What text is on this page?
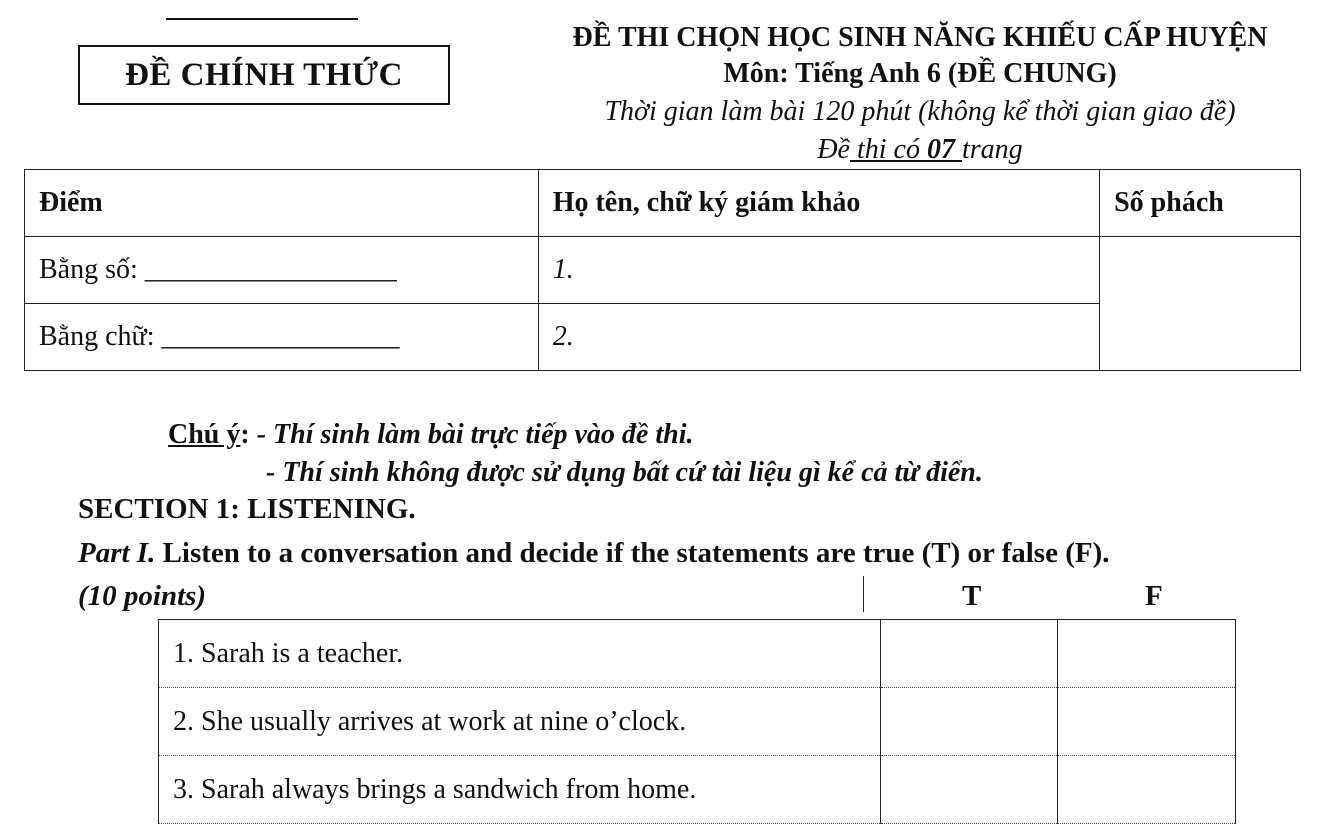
ĐỀ CHÍNH THỨC
ĐỀ THI CHỌN HỌC SINH NĂNG KHIẾU CẤP HUYỆN
Môn: Tiếng Anh 6 (ĐỀ CHUNG)
Thời gian làm bài 120 phút (không kể thời gian giao đề)
Đề thi có 07 trang
Điểm	Họ tên, chữ ký giám khảo	Số phách
Bằng số: __________________	1.	
Bằng chữ: _________________	2.	
Chú ý: - Thí sinh làm bài trực tiếp vào đề thi.
- Thí sinh không được sử dụng bất cứ tài liệu gì kể cả từ điển.
SECTION 1: LISTENING.
Part I. Listen to a conversation and decide if the statements are true (T) or false (F).
(10 points)	T	F
1. Sarah is a teacher.		
2. She usually arrives at work at nine o’clock.		
3. Sarah always brings a sandwich from home.		
